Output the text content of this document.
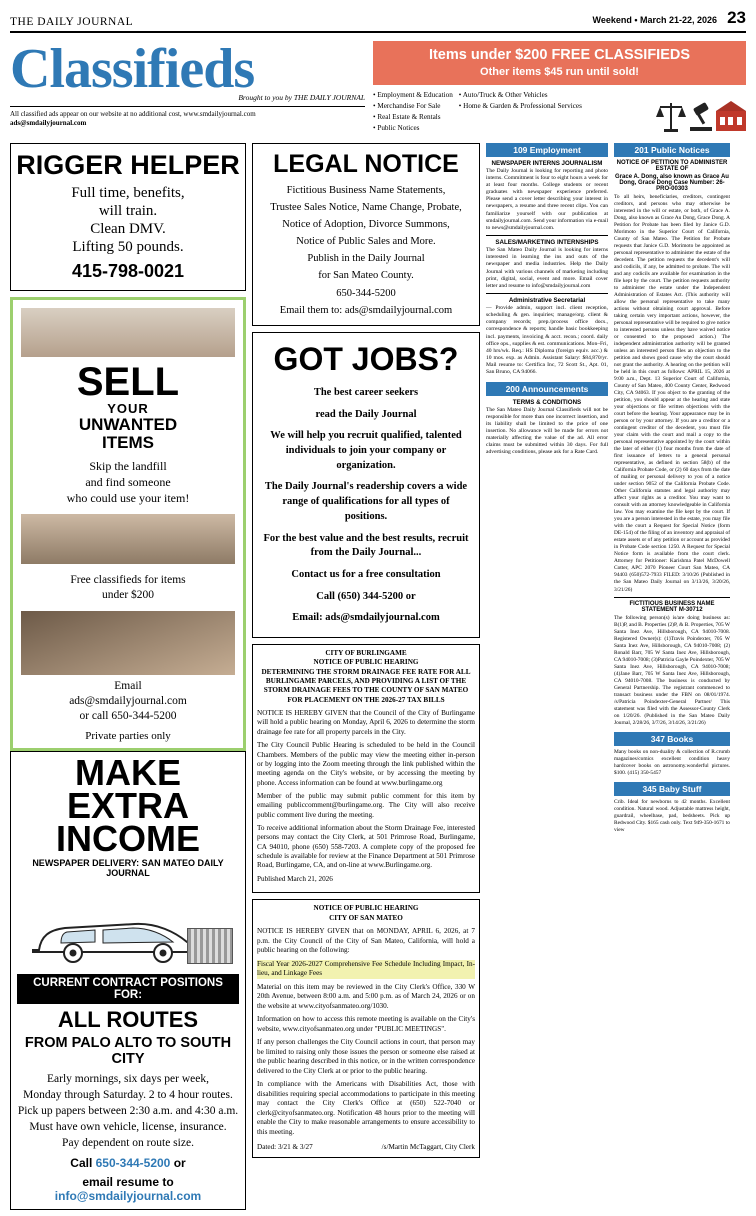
THE DAILY JOURNAL	Weekend • March 21-22, 2026 23
Classifieds
Brought to you by THE DAILY JOURNAL
All classified ads appear on our website at no additional cost, www.smdailyjournal.com
ads@smdailyjournal.com
Items under $200 FREE CLASSIFIEDS
Other items $45 run until sold!
• Employment & Education
• Merchandise For Sale
• Real Estate & Rentals
• Public Notices
• Auto/Truck & Other Vehicles
• Home & Garden & Professional Services
RIGGER HELPER

Full time, benefits,

will train.

Clean DMV.

Lifting 50 pounds.

415-798-0021
SELL
YOUR
UNWANTED
ITEMS
Skip the landfill
and find someone
who could use your item!
Free classifieds for items
under $200
Email
ads@smdailyjournal.com
or call 650-344-5200
Private parties only
MAKE EXTRA
INCOME
NEWSPAPER DELIVERY: SAN MATEO DAILY JOURNAL
CURRENT CONTRACT POSITIONS FOR:
ALL ROUTES
FROM PALO ALTO TO SOUTH CITY
Early mornings, six days per week,
Monday through Saturday. 2 to 4 hour routes.
Pick up papers between 2:30 a.m. and 4:30 a.m.
Must have own vehicle, license, insurance.
Pay dependent on route size.
Call 650-344-5200 or
email resume to info@smdailyjournal.com
LEGAL NOTICE

Fictitious Business Name Statements,

Trustee Sales Notice, Name Change, Probate,

Notice of Adoption, Divorce Summons,

Notice of Public Sales and More.

Publish in the Daily Journal

for San Mateo County.

650-344-5200

Email them to: ads@smdailyjournal.com

GOT JOBS?

The best career seekers

read the Daily Journal

We will help you recruit qualified, talented individuals to join your company or organization.

The Daily Journal's readership covers a wide range of qualifications for all types of positions.

For the best value and the best results, recruit from the Daily Journal...

Contact us for a free consultation

Call (650) 344-5200 or

Email: ads@smdailyjournal.com

CITY OF BURLINGAME
NOTICE OF PUBLIC HEARING
DETERMINING THE STORM DRAINAGE FEE RATE FOR ALL BURLINGAME PARCELS, AND PROVIDING A LIST OF THE STORM DRAINAGE FEES TO THE COUNTY OF SAN MATEO FOR PLACEMENT ON THE 2026-27 TAX BILLS

NOTICE IS HEREBY GIVEN that the Council of the City of Burlingame will hold a public hearing on Monday, April 6, 2026 to determine the storm drainage fee rate for all property parcels in the City.

The City Council Public Hearing is scheduled to be held in the Council Chambers. Members of the public may view the meeting either in-person or by logging into the Zoom meeting through the link published within the meeting agenda on the City's website, or by accessing the meeting by phone. Access information can be found at www.burlingame.org

Member of the public may submit public comment for this item by emailing publiccomment@burlingame.org. The City will also receive public comment live during the meeting.

To receive additional information about the Storm Drainage Fee, interested persons may contact the City Clerk, at 501 Primrose Road, Burlingame, CA 94010, phone (650) 558-7203. A complete copy of the proposed fee schedule is available for review at the Finance Department at 501 Primrose Road, Burlingame, CA, and on-line at www.Burlingame.org.

Published March 21, 2026

NOTICE OF PUBLIC HEARING
CITY OF SAN MATEO

NOTICE IS HEREBY GIVEN that on MONDAY, APRIL 6, 2026, at 7 p.m. the City Council of the City of San Mateo, California, will hold a public hearing on the following:

Fiscal Year 2026-2027 Comprehensive Fee Schedule Including Impact, In-lieu, and Linkage Fees

Material on this item may be reviewed in the City Clerk's Office, 330 W 20th Avenue, between 8:00 a.m. and 5:00 p.m. as of March 24, 2026 or on the website at www.cityofsanmateo.org/1030.

Information on how to access this remote meeting is available on the City's website, www.cityofsanmateo.org under "PUBLIC MEETINGS".

If any person challenges the City Council actions in court, that person may be limited to raising only those issues the person or someone else raised at the public hearing described in this notice, or in the written correspondence delivered to the City Clerk at or prior to the public hearing.

In compliance with the Americans with Disabilities Act, those with disabilities requiring special accommodations to participate in this meeting may contact the City Clerk's Office at (650) 522-7040 or clerk@cityofsanmateo.org. Notification 48 hours prior to the meeting will enable the City to make reasonable arrangements to ensure accessibility to this meeting.

Dated: 3/21 & 3/27	/s/Martin McTaggart, City Clerk
109 Employment
NEWSPAPER INTERNS JOURNALISM
The Daily Journal is looking for reporting and photo interns. Commitment is four to eight hours a week for at least four months. College students or recent graduates with newspaper experience preferred. Please send a cover letter describing your interest in newspapers, a resume and three recent clips. You can familiarize yourself with our publication at smdailyjournal.com. Send your information via e-mail to news@smdailyjournal.com.
SALES/MARKETING INTERNSHIPS
The San Mateo Daily Journal is looking for interns interested in learning the ins and outs of the newspaper and media industries. Help the Daily Journal with various channels of marketing including print, digital, social, event and more. Email cover letter and resume to info@smdailyjournal.com
Administrative Secretarial
— Provide admin, support incl. client reception, scheduling & gen. inquiries; manage/org. client & company records; prep./process office docs., correspondence & reports; handle basic bookkeeping incl. payments, invoicing & acct. recon.; coord. daily office ops., supplies & est. communications. Mon–Fri, 40 hrs/wk. Req.: HS Diploma (foreign equiv. acc.) & 10 mos. exp. as Admin. Assistant Salary: $84,870/yr. Mail resume to: Certifica Inc, 72 Scott St., Apt. 01, San Bruno, CA 94066.
200 Announcements
TERMS & CONDITIONS
The San Mateo Daily Journal Classifieds will not be responsible for more than one incorrect insertion, and its liability shall be limited to the price of one insertion. No allowance will be made for errors not materially affecting the value of the ad. All error claims must be submitted within 30 days. For full advertising conditions, please ask for a Rate Card.
201 Public Notices
NOTICE OF PETITION TO ADMINISTER ESTATE OF
Grace A. Dong, also known as Grace Au Dong, Grace Dong Case Number: 26-PRO-00303
To all heirs, beneficiaries, creditors, contingent creditors, and persons who may otherwise be interested in the will or estate, or both, of Grace A. Dong, also known as Grace Au Dong, Grace Dong. A Petition for Probate has been filed by Janice G.D. Morimoto in the Superior Court of California, County of San Mateo. The Petition for Probate requests that Janice G.D. Morimoto be appointed as personal representative to administer the estate of the decedent. The petition requests the decedent's will and codicils, if any, be admitted to probate. The will and any codicils are available for examination in the file kept by the court. The petition requests authority to administer the estate under the Independent Administration of Estates Act. (This authority will allow the personal representative to take many actions without obtaining court approval. Before taking certain very important actions, however, the personal representative will be required to give notice to interested persons unless they have waived notice or consented to the proposed action.) The independent administration authority will be granted unless an interested person files an objection to the petition and shows good cause why the court should not grant the authority. A hearing on the petition will be held in this court as follows: APRIL 15, 2026 at 9:00 a.m., Dept. 13 Superior Court of California, County of San Mateo, 400 County Center, Redwood City, CA 94063. If you object to the granting of the petition, you should appear at the hearing and state your objections or file written objections with the court before the hearing. Your appearance may be in person or by your attorney. If you are a creditor or a contingent creditor of the decedent, you must file your claim with the court and mail a copy to the personal representative appointed by the court within the later of either (1) four months from the date of first issuance of letters to a general personal representative, as defined in section 58(b) of the California Probate Code, or (2) 60 days from the date of mailing or personal delivery to you of a notice under section 9052 of the California Probate Code. Other California statutes and legal authority may affect your rights as a creditor. You may want to consult with an attorney knowledgeable in California law. You may examine the file kept by the court. If you are a person interested in the estate, you may file with the court a Request for Special Notice (form DE-154) of the filing of an inventory and appraisal of estate assets or of any petition or account as provided in Probate Code section 1250. A Request for Special Notice form is available from the court clerk. Attorney for Petitioner: Karishma Patel McDowell Cotter, APC 2070 Pioneer Court San Mateo, CA 94403 (650)572-7933 FILED: 3/10/26 (Published in the San Mateo Daily Journal on 3/13/26, 3/20/26, 3/21/26)
FICTITIOUS BUSINESS NAME STATEMENT M-30712
The following person(s) is/are doing business as: B(1)P, and B. Properties (2)P, & B. Properties, 705 W Santa Inez Ave, Hillsborough, CA 94010-7008. Registered Owner(s): (1)Travis Poindexter, 705 W Santa Inez Ave, Hillsborough, CA 94010-7008; (2) Ronald Barr, 705 W Santa Inez Ave, Hillsborough, CA 94010-7008; (3)Patricia Gayle Poindexter, 705 W Santa Inez Ave, Hillsborough, CA 94010-7008; (4)Jane Barr, 705 W Santa Inez Ave, Hillsborough, CA 94010-7008. The business is conducted by General Partnership. The registrant commenced to transact business under the FBN on 08/01/1974. /s/Patricia Poindexter-General Partner/ This statement was filed with the Assessor-County Clerk on 1/20/26. (Published in the San Mateo Daily Journal, 2/28/26, 3/7/26, 3/14/26, 3/21/26)
347 Books
Many books on non-duality & collection of R.crumb magazines/comics excellent condition heavy hardcover books on astronomy.wonderful pictures. $100. (415) 350-5457
345 Baby Stuff
Crib. Ideal for newborns to 42 months. Excellent condition. Natural wood. Adjustable mattress height, guardrail, wheelbase, pad, bedsheets. Pick up Redwood City. $165 cash only. Text 949-350-1671 to view
